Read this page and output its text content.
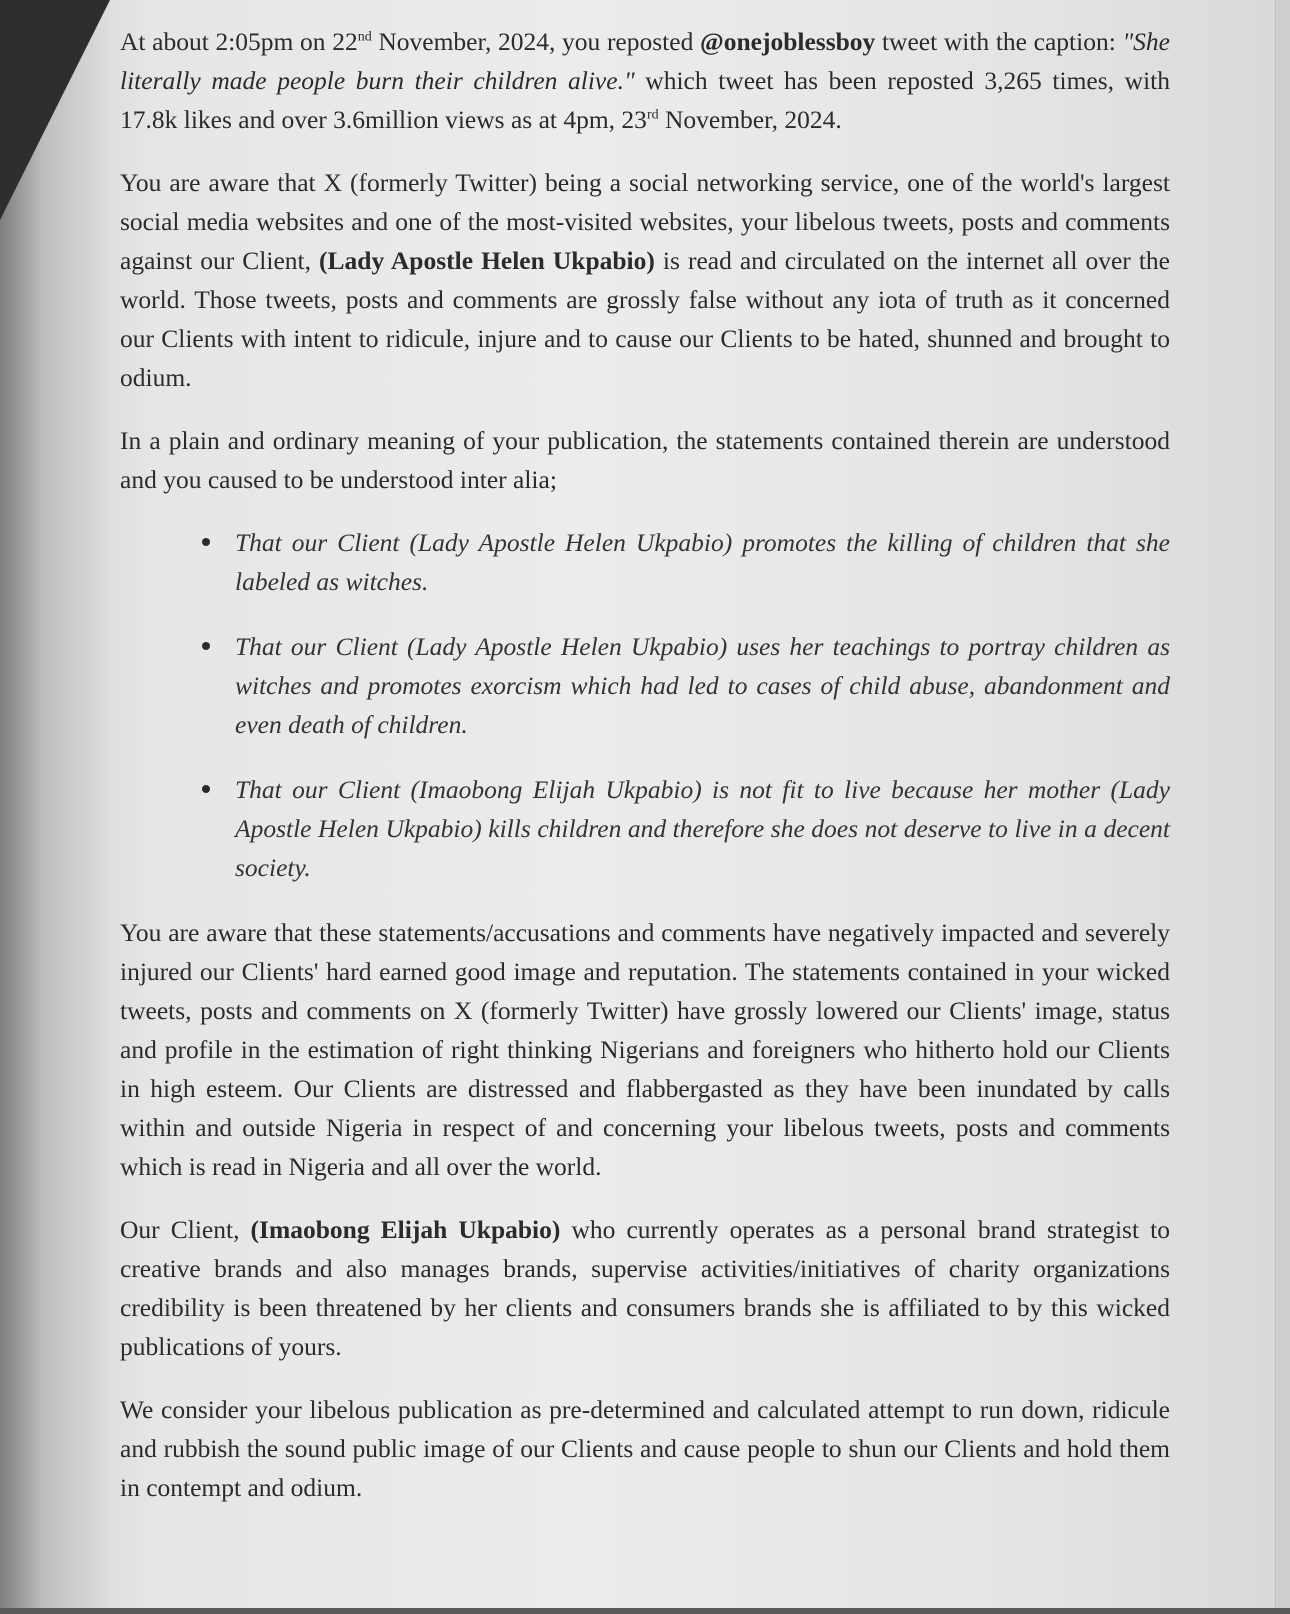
At about 2:05pm on 22nd November, 2024, you reposted @onejoblessboy tweet with the caption: "She literally made people burn their children alive." which tweet has been reposted 3,265 times, with 17.8k likes and over 3.6million views as at 4pm, 23rd November, 2024.

You are aware that X (formerly Twitter) being a social networking service, one of the world's largest social media websites and one of the most-visited websites, your libelous tweets, posts and comments against our Client, (Lady Apostle Helen Ukpabio) is read and circulated on the internet all over the world. Those tweets, posts and comments are grossly false without any iota of truth as it concerned our Clients with intent to ridicule, injure and to cause our Clients to be hated, shunned and brought to odium.

In a plain and ordinary meaning of your publication, the statements contained therein are understood and you caused to be understood inter alia;

That our Client (Lady Apostle Helen Ukpabio) promotes the killing of children that she labeled as witches.
That our Client (Lady Apostle Helen Ukpabio) uses her teachings to portray children as witches and promotes exorcism which had led to cases of child abuse, abandonment and even death of children.
That our Client (Imaobong Elijah Ukpabio) is not fit to live because her mother (Lady Apostle Helen Ukpabio) kills children and therefore she does not deserve to live in a decent society.

You are aware that these statements/accusations and comments have negatively impacted and severely injured our Clients' hard earned good image and reputation. The statements contained in your wicked tweets, posts and comments on X (formerly Twitter) have grossly lowered our Clients' image, status and profile in the estimation of right thinking Nigerians and foreigners who hitherto hold our Clients in high esteem. Our Clients are distressed and flabbergasted as they have been inundated by calls within and outside Nigeria in respect of and concerning your libelous tweets, posts and comments which is read in Nigeria and all over the world.

Our Client, (Imaobong Elijah Ukpabio) who currently operates as a personal brand strategist to creative brands and also manages brands, supervise activities/initiatives of charity organizations credibility is been threatened by her clients and consumers brands she is affiliated to by this wicked publications of yours.

We consider your libelous publication as pre-determined and calculated attempt to run down, ridicule and rubbish the sound public image of our Clients and cause people to shun our Clients and hold them in contempt and odium.
